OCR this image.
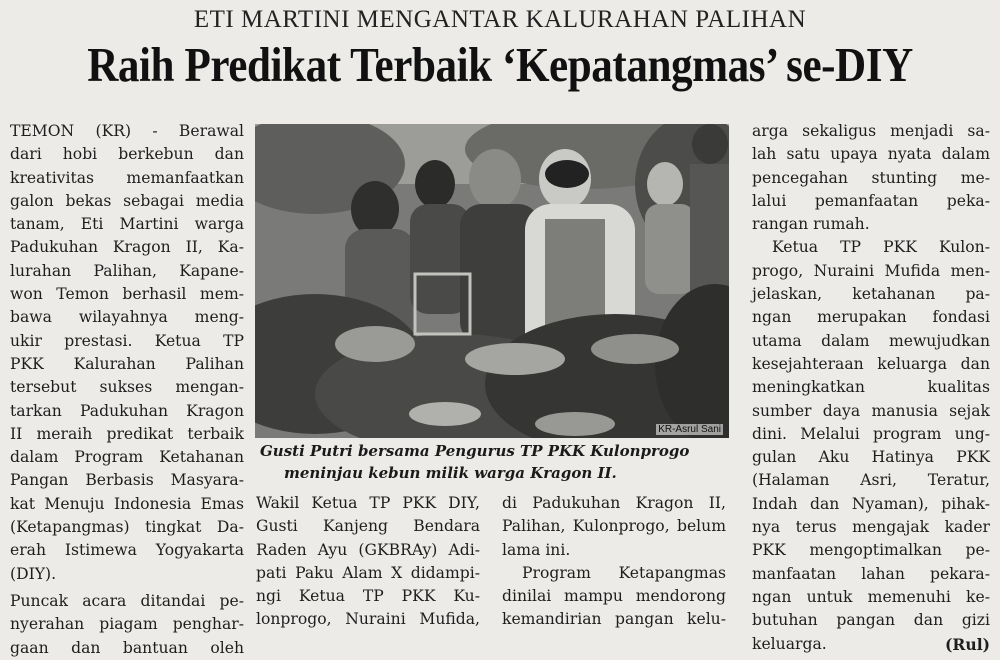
ETI MARTINI MENGANTAR KALURAHAN PALIHAN
Raih Predikat Terbaik ‘Kepatangmas’ se-DIY
TEMON (KR) - Berawal
dari hobi berkebun dan
kreativitas memanfaatkan
galon bekas sebagai media
tanam, Eti Martini warga
Padukuhan Kragon II, Ka-
lurahan Palihan, Kapane-
won Temon berhasil mem-
bawa wilayahnya meng-
ukir prestasi. Ketua TP
PKK Kalurahan Palihan
tersebut sukses mengan-
tarkan Padukuhan Kragon
II meraih predikat terbaik
dalam Program Ketahanan
Pangan Berbasis Masyara-
kat Menuju Indonesia Emas
(Ketapangmas) tingkat Da-
erah Istimewa Yogyakarta
(DIY).
Puncak acara ditandai pe-
nyerahan piagam penghar-
gaan dan bantuan oleh
KR-Asrul Sani
Gusti Putri bersama Pengurus TP PKK Kulonprogo
meninjau kebun milik warga Kragon II.
Wakil Ketua TP PKK DIY,
Gusti Kanjeng Bendara
Raden Ayu (GKBRAy) Adi-
pati Paku Alam X didampi-
ngi Ketua TP PKK Ku-
lonprogo, Nuraini Mufida,
di Padukuhan Kragon II,
Palihan, Kulonprogo, belum
lama ini.
Program Ketapangmas
dinilai mampu mendorong
kemandirian pangan kelu-
arga sekaligus menjadi sa-
lah satu upaya nyata dalam
pencegahan stunting me-
lalui pemanfaatan peka-
rangan rumah.
Ketua TP PKK Kulon-
progo, Nuraini Mufida men-
jelaskan, ketahanan pa-
ngan merupakan fondasi
utama dalam mewujudkan
kesejahteraan keluarga dan
meningkatkan kualitas
sumber daya manusia sejak
dini. Melalui program ung-
gulan Aku Hatinya PKK
(Halaman Asri, Teratur,
Indah dan Nyaman), pihak-
nya terus mengajak kader
PKK mengoptimalkan pe-
manfaatan lahan pekara-
ngan untuk memenuhi ke-
butuhan pangan dan gizi
keluarga.	(Rul)
